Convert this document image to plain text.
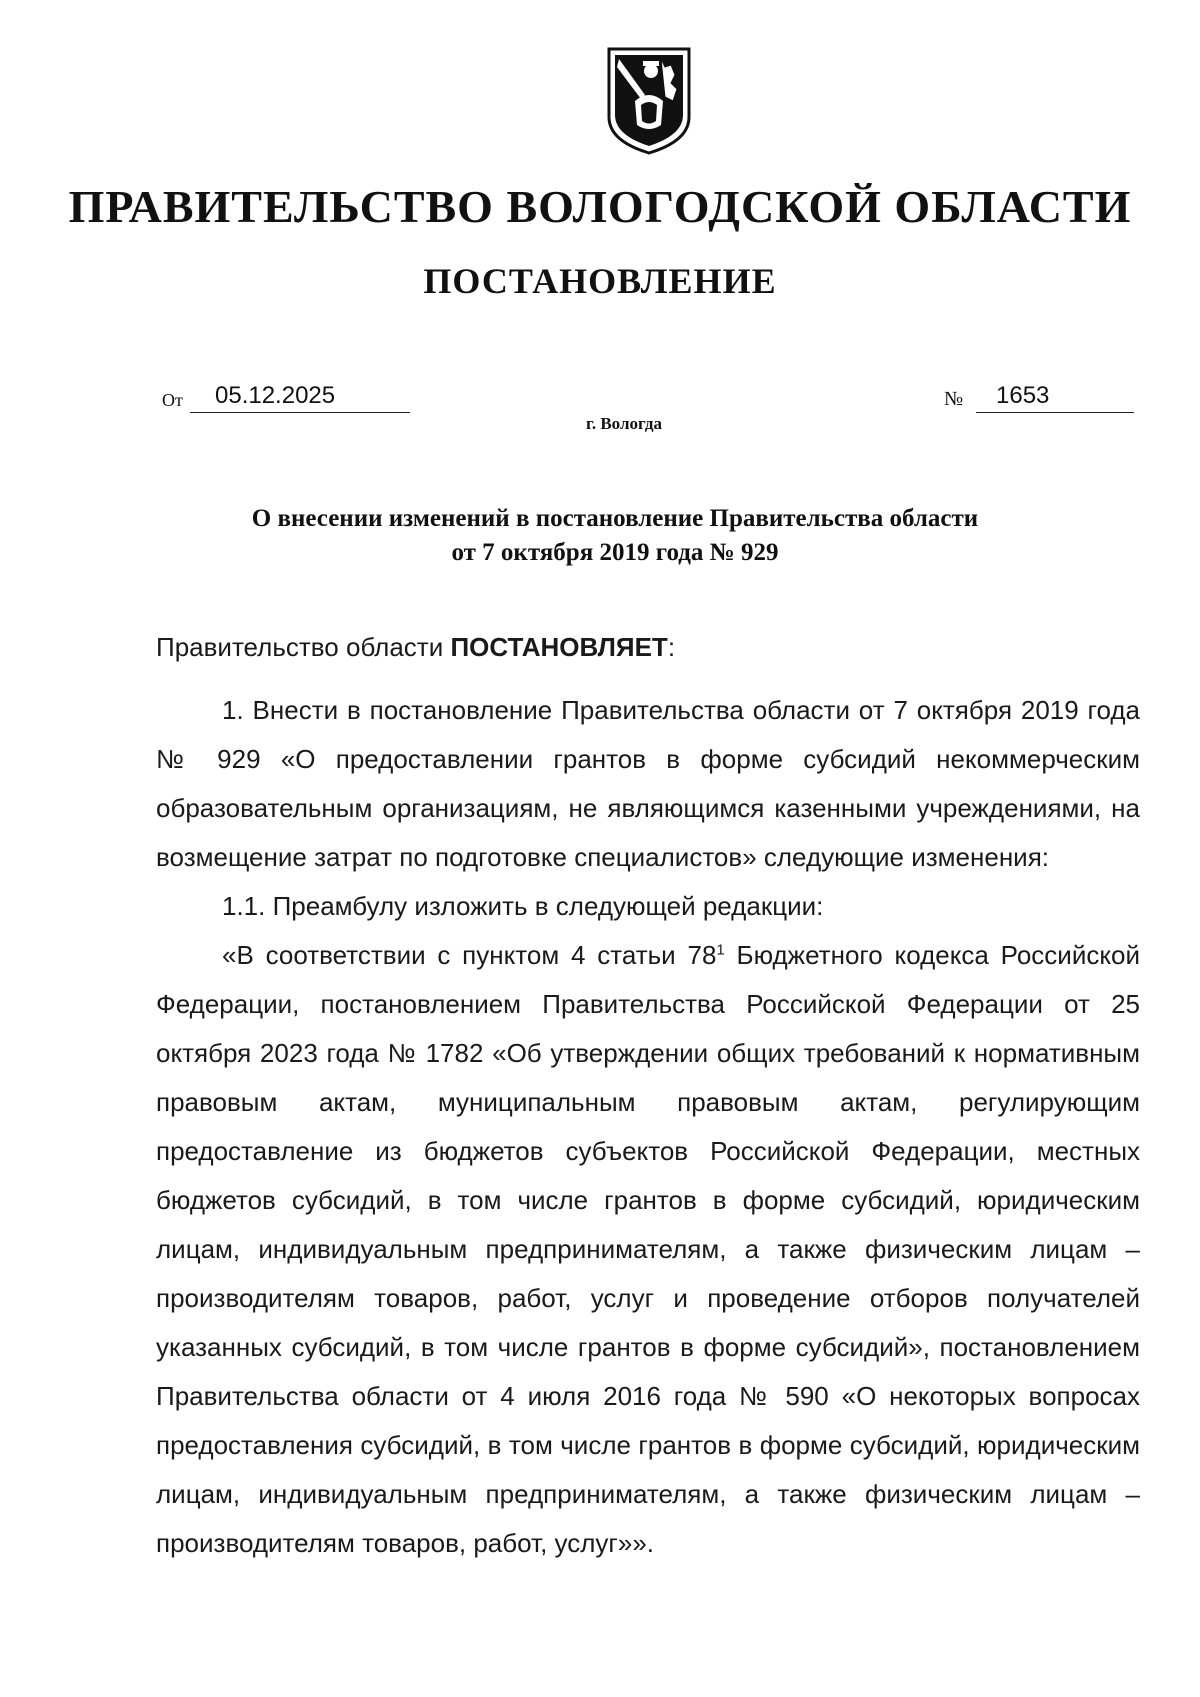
ПРАВИТЕЛЬСТВО ВОЛОГОДСКОЙ ОБЛАСТИ
ПОСТАНОВЛЕНИЕ
От 05.12.2025	№ 1653
г. Вологда
О внесении изменений в постановление Правительства области
от 7 октября 2019 года № 929

Правительство области ПОСТАНОВЛЯЕТ:

1. Внести в постановление Правительства области от 7 октября 2019 года № 929 «О предоставлении грантов в форме субсидий некоммерческим образовательным организациям, не являющимся казенными учреждениями, на возмещение затрат по подготовке специалистов» следующие изменения:

1.1. Преамбулу изложить в следующей редакции:

«В соответствии с пунктом 4 статьи $78^1$ Бюджетного кодекса Российской Федерации, постановлением Правительства Российской Федерации от 25 октября 2023 года № 1782 «Об утверждении общих требований к нормативным правовым актам, муниципальным правовым актам, регулирующим предоставление из бюджетов субъектов Российской Федерации, местных бюджетов субсидий, в том числе грантов в форме субсидий, юридическим лицам, индивидуальным предпринимателям, а также физическим лицам – производителям товаров, работ, услуг и проведение отборов получателей указанных субсидий, в том числе грантов в форме субсидий», постановлением Правительства области от 4 июля 2016 года № 590 «О некоторых вопросах предоставления субсидий, в том числе грантов в форме субсидий, юридическим лицам, индивидуальным предпринимателям, а также физическим лицам – производителям товаров, работ, услуг»».
